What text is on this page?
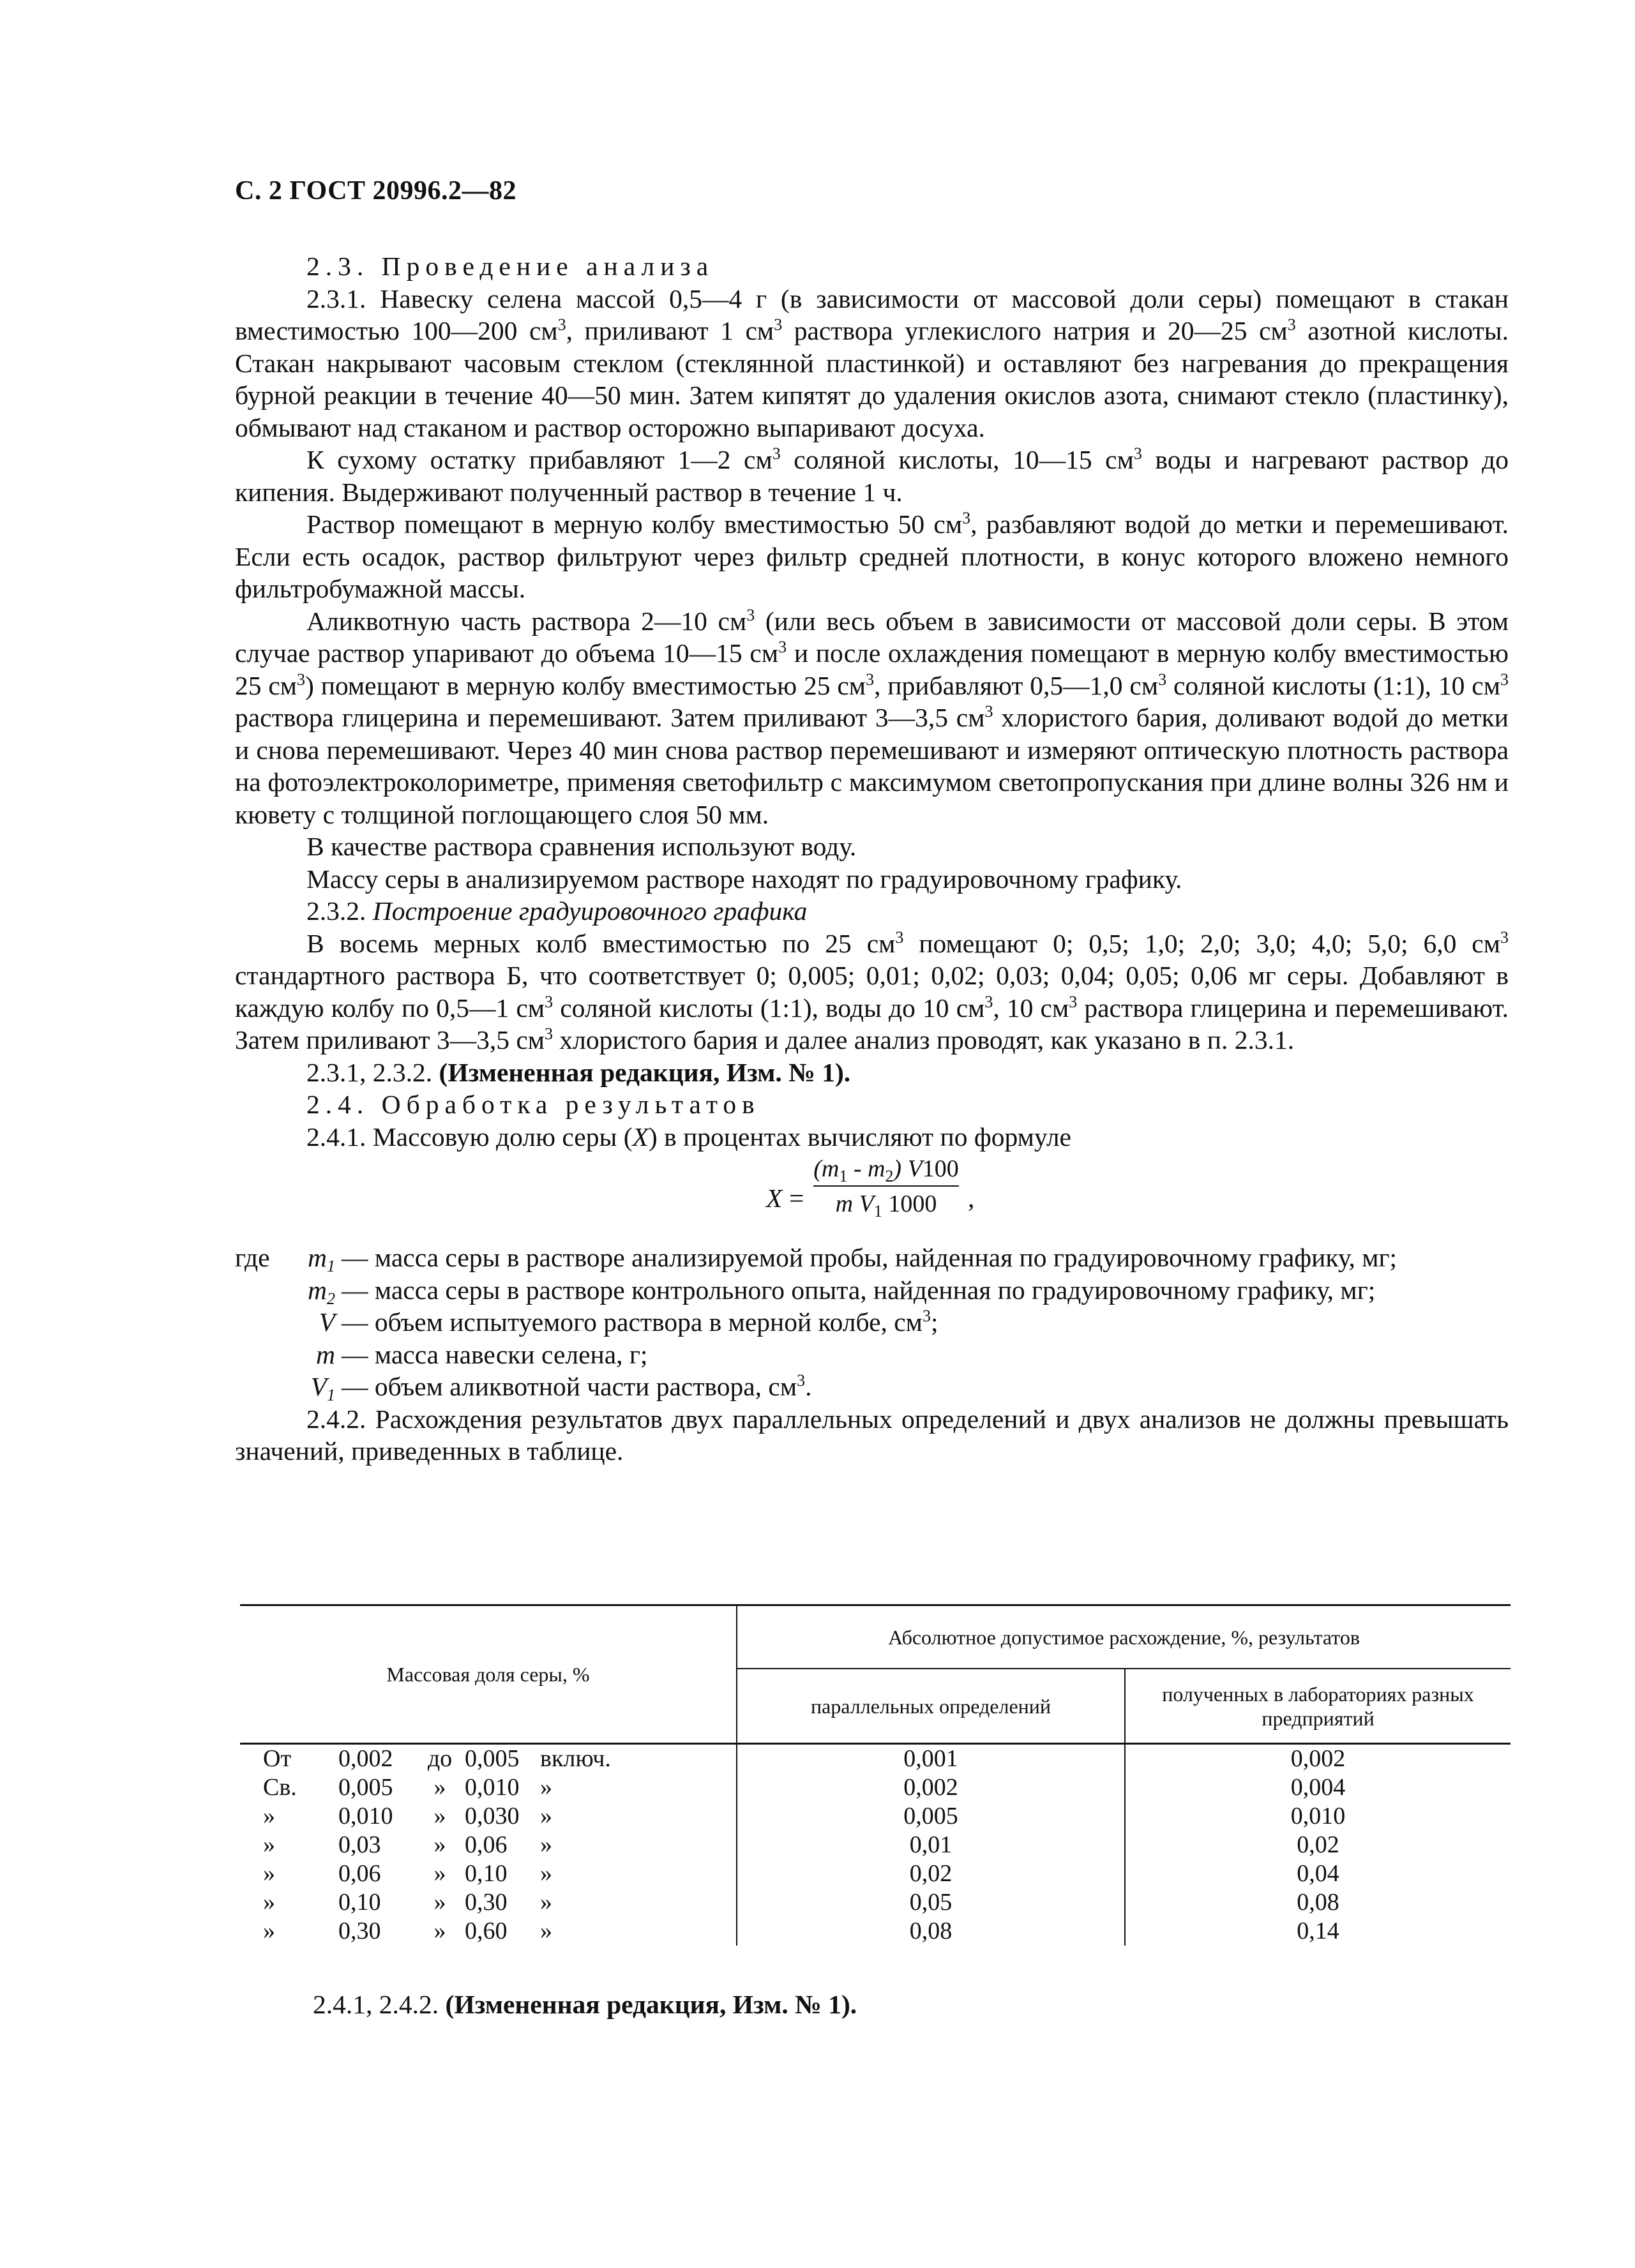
С. 2 ГОСТ 20996.2—82

2.3. Проведение анализа

2.3.1. Навеску селена массой 0,5—4 г (в зависимости от массовой доли серы) помещают в стакан вместимостью 100—200 $см^3$, приливают 1 $см^3$ раствора углекислого натрия и 20—25 $см^3$ азотной кислоты. Стакан накрывают часовым стеклом (стеклянной пластинкой) и оставляют без нагревания до прекращения бурной реакции в течение 40—50 мин. Затем кипятят до удаления окислов азота, снимают стекло (пластинку), обмывают над стаканом и раствор осторожно выпаривают досуха.

К сухому остатку прибавляют 1—2 $см^3$ соляной кислоты, 10—15 $см^3$ воды и нагревают раствор до кипения. Выдерживают полученный раствор в течение 1 ч.

Раствор помещают в мерную колбу вместимостью 50 $см^3$, разбавляют водой до метки и перемешивают. Если есть осадок, раствор фильтруют через фильтр средней плотности, в конус которого вложено немного фильтробумажной массы.

Аликвотную часть раствора 2—10 $см^3$ (или весь объем в зависимости от массовой доли серы. В этом случае раствор упаривают до объема 10—15 $см^3$ и после охлаждения помещают в мерную колбу вместимостью 25 $см^3$) помещают в мерную колбу вместимостью 25 $см^3$, прибавляют 0,5—1,0 $см^3$ соляной кислоты (1:1), 10 $см^3$ раствора глицерина и перемешивают. Затем приливают 3—3,5 $см^3$ хлористого бария, доливают водой до метки и снова перемешивают. Через 40 мин снова раствор перемешивают и измеряют оптическую плотность раствора на фотоэлектроколориметре, применяя светофильтр с максимумом светопропускания при длине волны 326 нм и кювету с толщиной поглощающего слоя 50 мм.

В качестве раствора сравнения используют воду.

Массу серы в анализируемом растворе находят по градуировочному графику.

2.3.2. Построение градуировочного графика

В восемь мерных колб вместимостью по 25 $см^3$ помещают 0; 0,5; 1,0; 2,0; 3,0; 4,0; 5,0; 6,0 $см^3$ стандартного раствора Б, что соответствует 0; 0,005; 0,01; 0,02; 0,03; 0,04; 0,05; 0,06 мг серы. Добавляют в каждую колбу по 0,5—1 $см^3$ соляной кислоты (1:1), воды до 10 $см^3$, 10 $см^3$ раствора глицерина и перемешивают. Затем приливают 3—3,5 $см^3$ хлористого бария и далее анализ проводят, как указано в п. 2.3.1.

2.3.1, 2.3.2. (Измененная редакция, Изм. № 1).

2.4. Обработка результатов

2.4.1. Массовую долю серы (X) в процентах вычисляют по формуле

X =
$(m_1 - m_2)$ V100
m $V_1$ 1000	,
где	$m_1$ — масса серы в растворе анализируемой пробы, найденная по градуировочному графику, мг;
$m_2$ — масса серы в растворе контрольного опыта, найденная по градуировочному графику, мг;
V — объем испытуемого раствора в мерной колбе, $см^3$;
m — масса навески селена, г;
$V_1$ — объем аликвотной части раствора, $см^3$.

2.4.2. Расхождения результатов двух параллельных определений и двух анализов не должны превышать значений, приведенных в таблице.

Массовая доля серы, %	Абсолютное допустимое расхождение, %, результатов	
	параллельных определений	полученных в лабораториях разных предприятий

От 0,002 до 0,005 включ.	0,001	0,002

Св. 0,005 » 0,010 »	0,002	0,004

» 0,010 » 0,030 »	0,005	0,010

» 0,03 » 0,06 »	0,01	0,02

» 0,06 » 0,10 »	0,02	0,04

» 0,10 » 0,30 »	0,05	0,08

» 0,30 » 0,60 »	0,08	0,14
2.4.1, 2.4.2. (Измененная редакция, Изм. № 1).
